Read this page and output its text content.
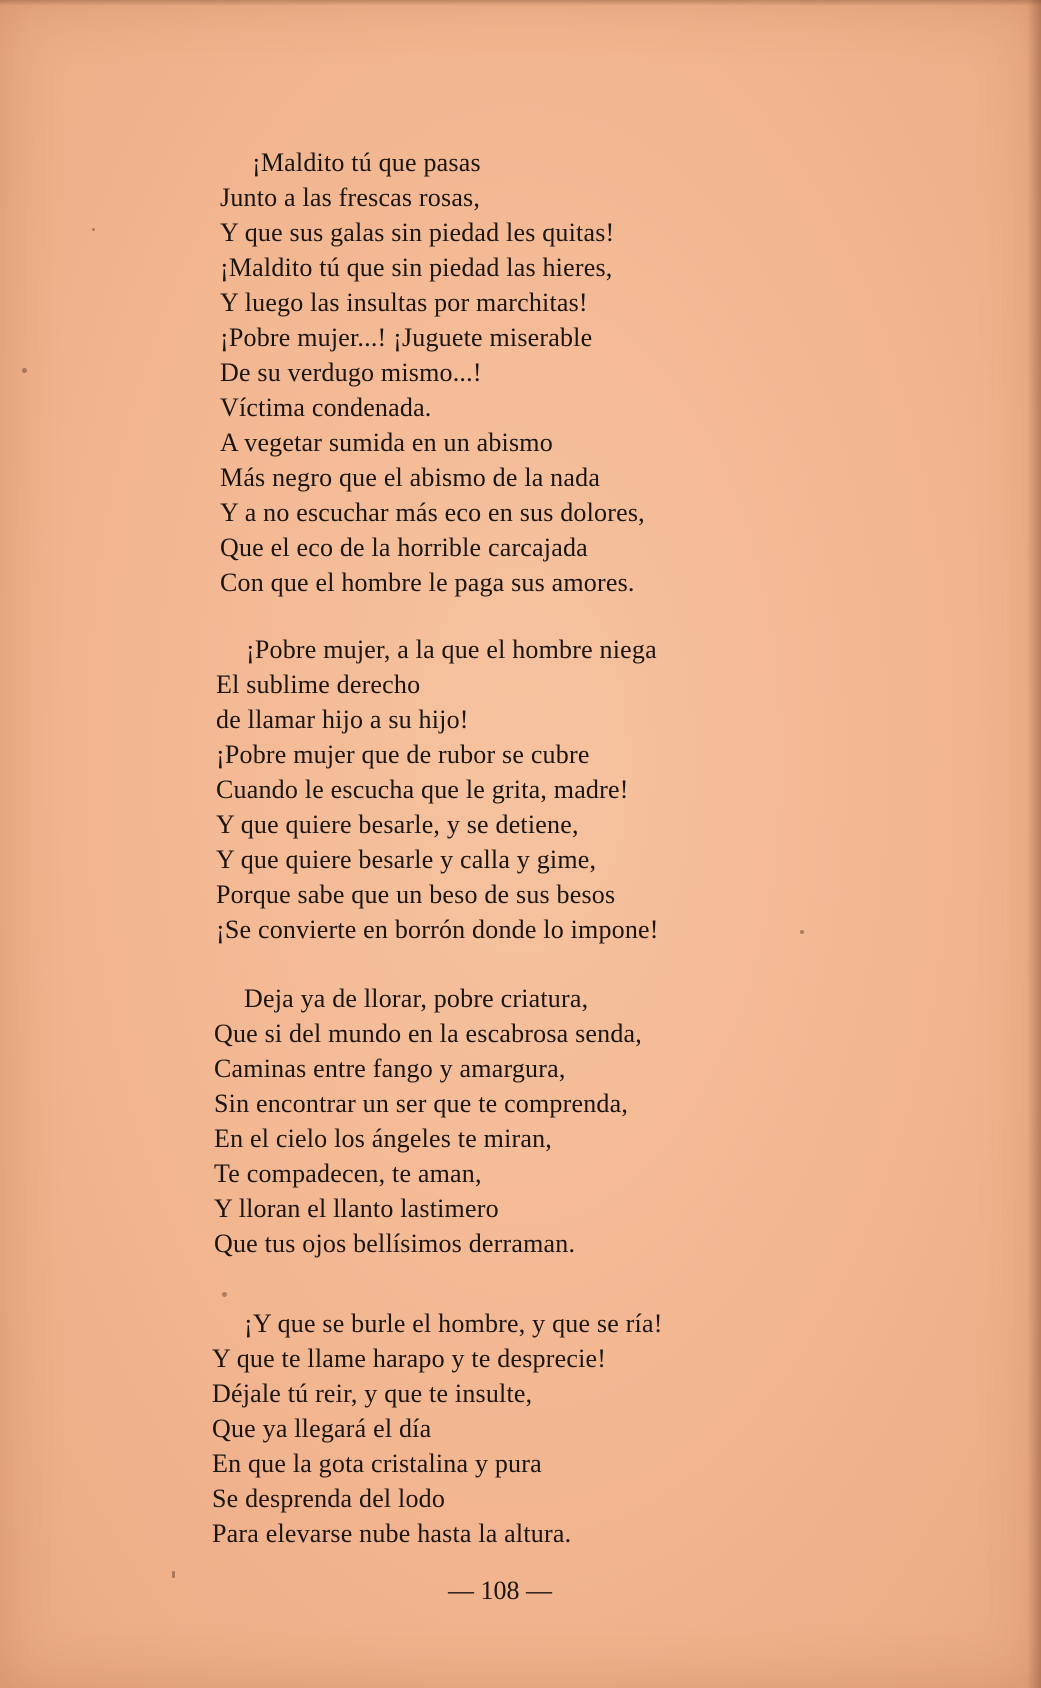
¡Maldito tú que pasas
Junto a las frescas rosas,
Y que sus galas sin piedad les quitas!
¡Maldito tú que sin piedad las hieres,
Y luego las insultas por marchitas!
¡Pobre mujer...! ¡Juguete miserable
De su verdugo mismo...!
Víctima condenada.
A vegetar sumida en un abismo
Más negro que el abismo de la nada
Y a no escuchar más eco en sus dolores,
Que el eco de la horrible carcajada
Con que el hombre le paga sus amores.
¡Pobre mujer, a la que el hombre niega
El sublime derecho
de llamar hijo a su hijo!
¡Pobre mujer que de rubor se cubre
Cuando le escucha que le grita, madre!
Y que quiere besarle, y se detiene,
Y que quiere besarle y calla y gime,
Porque sabe que un beso de sus besos
¡Se convierte en borrón donde lo impone!
Deja ya de llorar, pobre criatura,
Que si del mundo en la escabrosa senda,
Caminas entre fango y amargura,
Sin encontrar un ser que te comprenda,
En el cielo los ángeles te miran,
Te compadecen, te aman,
Y lloran el llanto lastimero
Que tus ojos bellísimos derraman.
¡Y que se burle el hombre, y que se ría!
Y que te llame harapo y te desprecie!
Déjale tú reir, y que te insulte,
Que ya llegará el día
En que la gota cristalina y pura
Se desprenda del lodo
Para elevarse nube hasta la altura.
— 108 —
